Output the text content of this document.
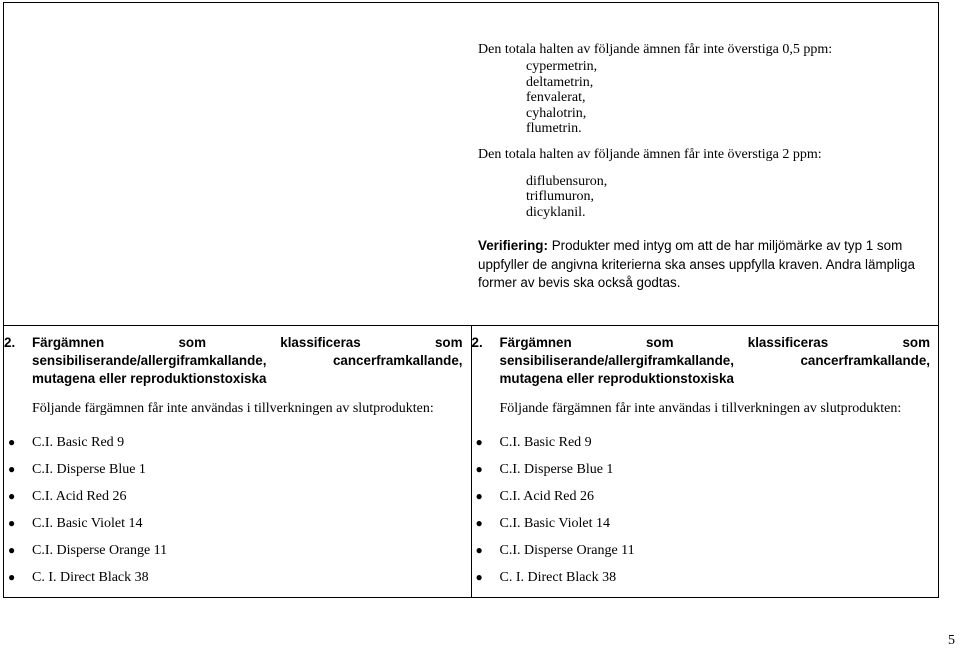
Den totala halten av följande ämnen får inte överstiga 0,5 ppm:

cypermetrin,
deltametrin,
fenvalerat,
cyhalotrin,
flumetrin.

Den totala halten av följande ämnen får inte överstiga 2 ppm:

diflubensuron,
triflumuron,
dicyklanil.

Verifiering: Produkter med intyg om att de har miljömärke av typ 1 som uppfyller de angivna kriterierna ska anses uppfylla kraven. Andra lämpliga former av bevis ska också godtas.

2. Färgämnen	som	klassificeras	som
sensibiliserande/allergiframkallande,	cancerframkallande,
mutagena eller reproduktionstoxiska
Följande färgämnen får inte användas i tillverkningen av slutprodukten:
● C.I. Basic Red 9
● C.I. Disperse Blue 1
● C.I. Acid Red 26
● C.I. Basic Violet 14
● C.I. Disperse Orange 11
● C. I. Direct Black 38

2. Färgämnen	som	klassificeras	som
sensibiliserande/allergiframkallande,	cancerframkallande,
mutagena eller reproduktionstoxiska
Följande färgämnen får inte användas i tillverkningen av slutprodukten:
● C.I. Basic Red 9
● C.I. Disperse Blue 1
● C.I. Acid Red 26
● C.I. Basic Violet 14
● C.I. Disperse Orange 11
● C. I. Direct Black 38
5
